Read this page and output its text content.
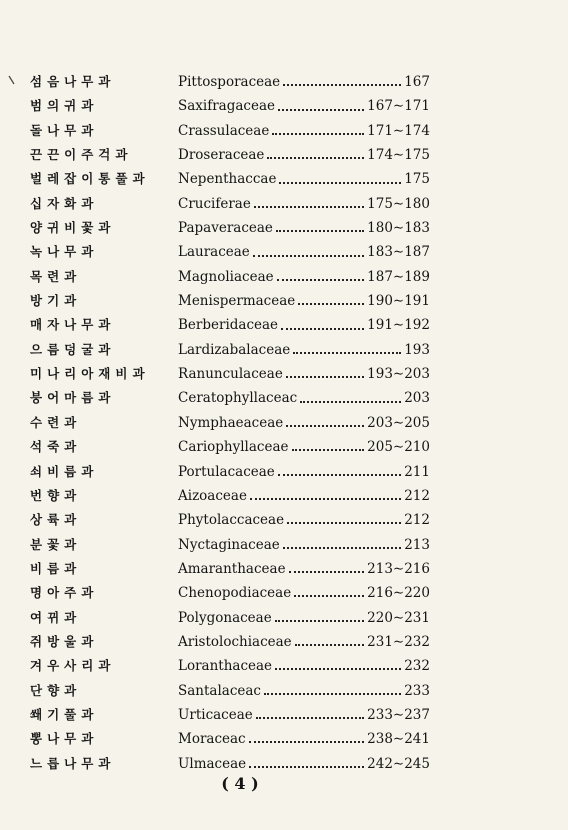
섬음나무과	Pittosporaceae	167
범의귀과	Saxifragaceae	167∼171
돌나무과	Crassulaceae	171∼174
끈끈이주걱과	Droseraceae	174∼175
벌레잡이통풀과 Nepenthaccae	175
십자화과	Cruciferae	175∼180
양귀비꽃과	Papaveraceae	180∼183
녹나무과	Lauraceae	183∼187
목련과	Magnoliaceae	187∼189
방기과	Menispermaceae	190∼191
매자나무과	Berberidaceae	191∼192
으름덩굴과	Lardizabalaceae	193
미나리아재비과 Ranunculaceae	193∼203
붕어마름과	Ceratophyllaceac	203
수련과	Nymphaeaceae	203∼205
석죽과	Cariophyllaceae	205∼210
쇠비름과	Portulacaceae	211
번향과	Aizoaceae	212
상륙과	Phytolaccaceae	212
분꽃과	Nyctaginaceae	213
비름과	Amaranthaceae	213∼216
명아주과	Chenopodiaceae	216∼220
여뀌과	Polygonaceae	220∼231
쥐방울과	Aristolochiaceae	231∼232
겨우사리과	Loranthaceae	232
단향과	Santalaceac	233
쐐기풀과	Urticaceae	233∼237
뽕나무과	Moraceac	238∼241
느릅나무과	Ulmaceae	242∼245
( 4 )
